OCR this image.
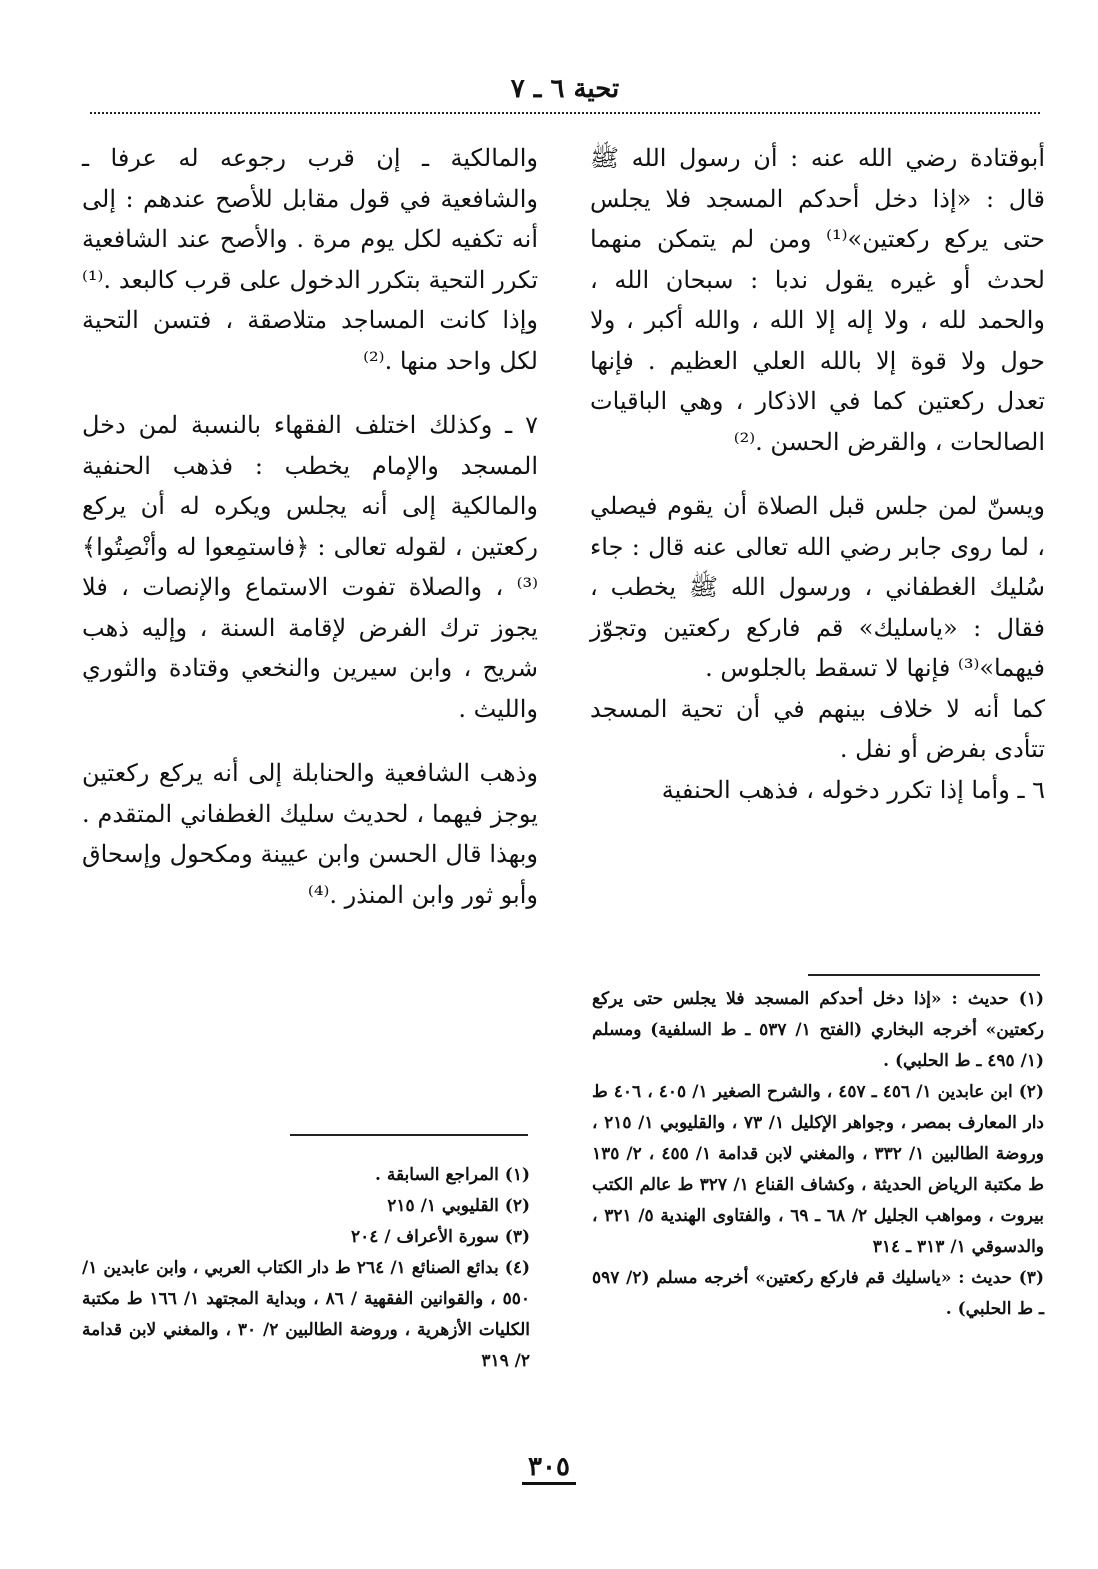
تحية ٦ ـ ٧

أبوقتادة رضي الله عنه : أن رسول الله ﷺ قال : «إذا دخل أحدكم المسجد فلا يجلس حتى يركع ركعتين»⁽¹⁾ ومن لم يتمكن منهما لحدث أو غيره يقول ندبا : سبحان الله ، والحمد لله ، ولا إله إلا الله ، والله أكبر ، ولا حول ولا قوة إلا بالله العلي العظيم . فإنها تعدل ركعتين كما في الاذكار ، وهي الباقيات الصالحات ، والقرض الحسن .⁽²⁾

ويسنّ لمن جلس قبل الصلاة أن يقوم فيصلي ، لما روى جابر رضي الله تعالى عنه قال : جاء سُليك الغطفاني ، ورسول الله ﷺ يخطب ، فقال : «ياسليك» قم فاركع ركعتين وتجوّز فيهما»⁽³⁾ فإنها لا تسقط بالجلوس .

كما أنه لا خلاف بينهم في أن تحية المسجد تتأدى بفرض أو نفل .

٦ ـ وأما إذا تكرر دخوله ، فذهب الحنفية

والمالكية ـ إن قرب رجوعه له عرفا ـ والشافعية في قول مقابل للأصح عندهم : إلى أنه تكفيه لكل يوم مرة . والأصح عند الشافعية تكرر التحية بتكرر الدخول على قرب كالبعد .⁽¹⁾ وإذا كانت المساجد متلاصقة ، فتسن التحية لكل واحد منها .⁽²⁾

٧ ـ وكذلك اختلف الفقهاء بالنسبة لمن دخل المسجد والإمام يخطب : فذهب الحنفية والمالكية إلى أنه يجلس ويكره له أن يركع ركعتين ، لقوله تعالى : ﴿فاستمِعوا له وأنْصِتُوا﴾⁽³⁾ ، والصلاة تفوت الاستماع والإنصات ، فلا يجوز ترك الفرض لإقامة السنة ، وإليه ذهب شريح ، وابن سيرين والنخعي وقتادة والثوري والليث .

وذهب الشافعية والحنابلة إلى أنه يركع ركعتين يوجز فيهما ، لحديث سليك الغطفاني المتقدم . وبهذا قال الحسن وابن عيينة ومكحول وإسحاق وأبو ثور وابن المنذر .⁽⁴⁾

(١) حديث : «إذا دخل أحدكم المسجد فلا يجلس حتى يركع ركعتين» أخرجه البخاري (الفتح ١/ ٥٣٧ ـ ط السلفية) ومسلم (١/ ٤٩٥ ـ ط الحلبي) .

(٢) ابن عابدين ١/ ٤٥٦ ـ ٤٥٧ ، والشرح الصغير ١/ ٤٠٥ ، ٤٠٦ ط دار المعارف بمصر ، وجواهر الإكليل ١/ ٧٣ ، والقليوبي ١/ ٢١٥ ، وروضة الطالبين ١/ ٣٣٢ ، والمغني لابن قدامة ١/ ٤٥٥ ، ٢/ ١٣٥ ط مكتبة الرياض الحديثة ، وكشاف القناع ١/ ٣٢٧ ط عالم الكتب بيروت ، ومواهب الجليل ٢/ ٦٨ ـ ٦٩ ، والفتاوى الهندية ٥/ ٣٢١ ، والدسوقي ١/ ٣١٣ ـ ٣١٤

(٣) حديث : «ياسليك قم فاركع ركعتين» أخرجه مسلم (٢/ ٥٩٧ ـ ط الحلبي) .

(١) المراجع السابقة .

(٢) القليوبي ١/ ٢١٥

(٣) سورة الأعراف / ٢٠٤

(٤) بدائع الصنائع ١/ ٢٦٤ ط دار الكتاب العربي ، وابن عابدين ١/ ٥٥٠ ، والقوانين الفقهية / ٨٦ ، وبداية المجتهد ١/ ١٦٦ ط مكتبة الكليات الأزهرية ، وروضة الطالبين ٢/ ٣٠ ، والمغني لابن قدامة ٢/ ٣١٩

٣٠٥
